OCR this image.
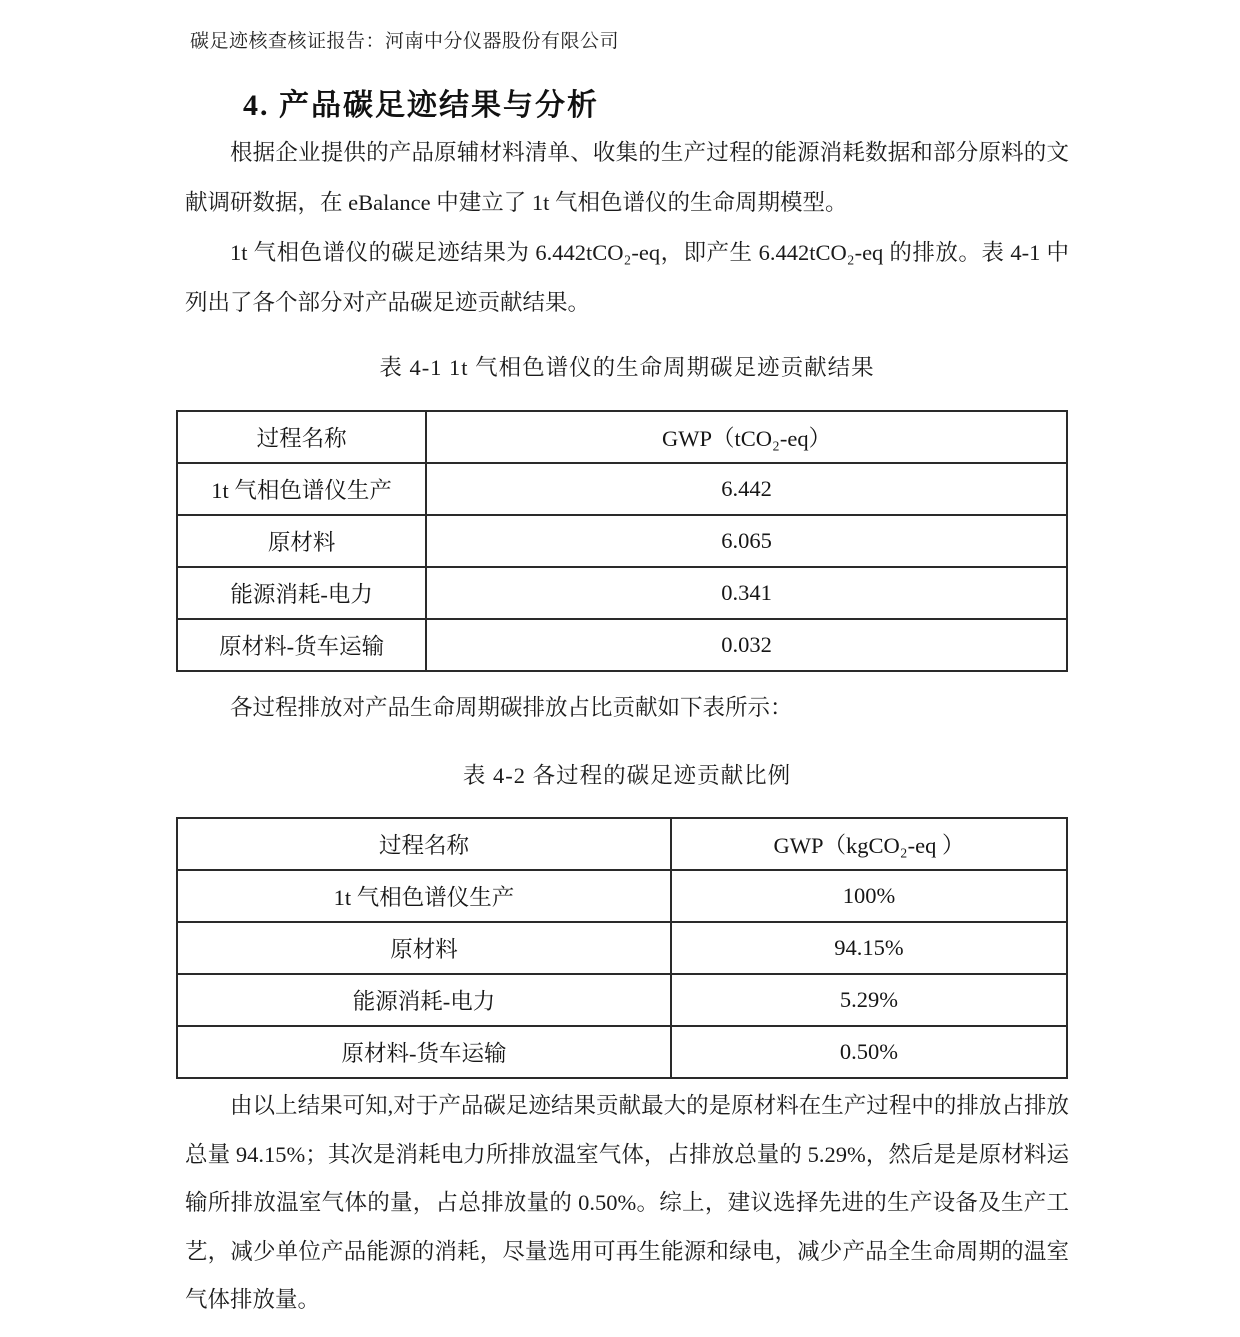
碳足迹核查核证报告：河南中分仪器股份有限公司
4. 产品碳足迹结果与分析

根据企业提供的产品原辅材料清单、收集的生产过程的能源消耗数据和部分原料的文献调研数据，在 eBalance 中建立了 1t 气相色谱仪的生命周期模型。

1t 气相色谱仪的碳足迹结果为 6.442tCO₂-eq，即产生 6.442tCO₂-eq 的排放。表 4-1 中列出了各个部分对产品碳足迹贡献结果。

表 4-1 1t 气相色谱仪的生命周期碳足迹贡献结果
过程名称	GWP（tCO₂-eq）
1t 气相色谱仪生产	6.442
原材料	6.065
能源消耗-电力	0.341
原材料-货车运输	0.032

各过程排放对产品生命周期碳排放占比贡献如下表所示：

表 4-2 各过程的碳足迹贡献比例
过程名称	GWP（kgCO₂-eq ）
1t 气相色谱仪生产	100%
原材料	94.15%
能源消耗-电力	5.29%
原材料-货车运输	0.50%

由以上结果可知,对于产品碳足迹结果贡献最大的是原材料在生产过程中的排放占排放总量 94.15%；其次是消耗电力所排放温室气体，占排放总量的 5.29%，然后是是原材料运输所排放温室气体的量，占总排放量的 0.50%。综上，建议选择先进的生产设备及生产工艺，减少单位产品能源的消耗，尽量选用可再生能源和绿电，减少产品全生命周期的温室气体排放量。
